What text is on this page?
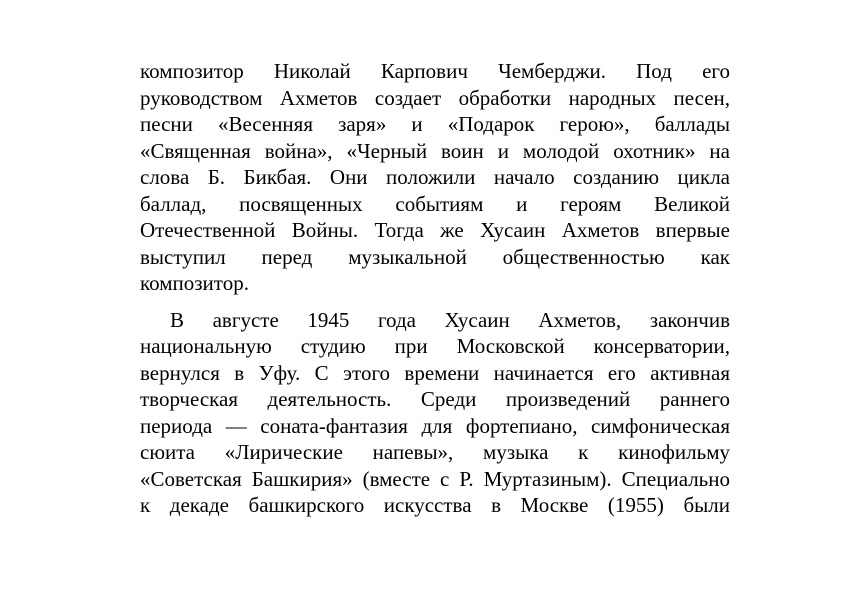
композитор Николай Карпович Чемберджи. Под его
руководством Ахметов создает обработки народных песен,
песни «Весенняя заря» и «Подарок герою», баллады
«Священная война», «Черный воин и молодой охотник» на
слова Б. Бикбая. Они положили начало созданию цикла
баллад, посвященных событиям и героям Великой
Отечественной Войны. Тогда же Хусаин Ахметов впервые
выступил перед музыкальной общественностью как
композитор.
В августе 1945 года Хусаин Ахметов, закончив
национальную студию при Московской консерватории,
вернулся в Уфу. С этого времени начинается его активная
творческая деятельность. Среди произведений раннего
периода — соната-фантазия для фортепиано, симфоническая
сюита «Лирические напевы», музыка к кинофильму
«Советская Башкирия» (вместе с Р. Муртазиным). Специально
к декаде башкирского искусства в Москве (1955) были
